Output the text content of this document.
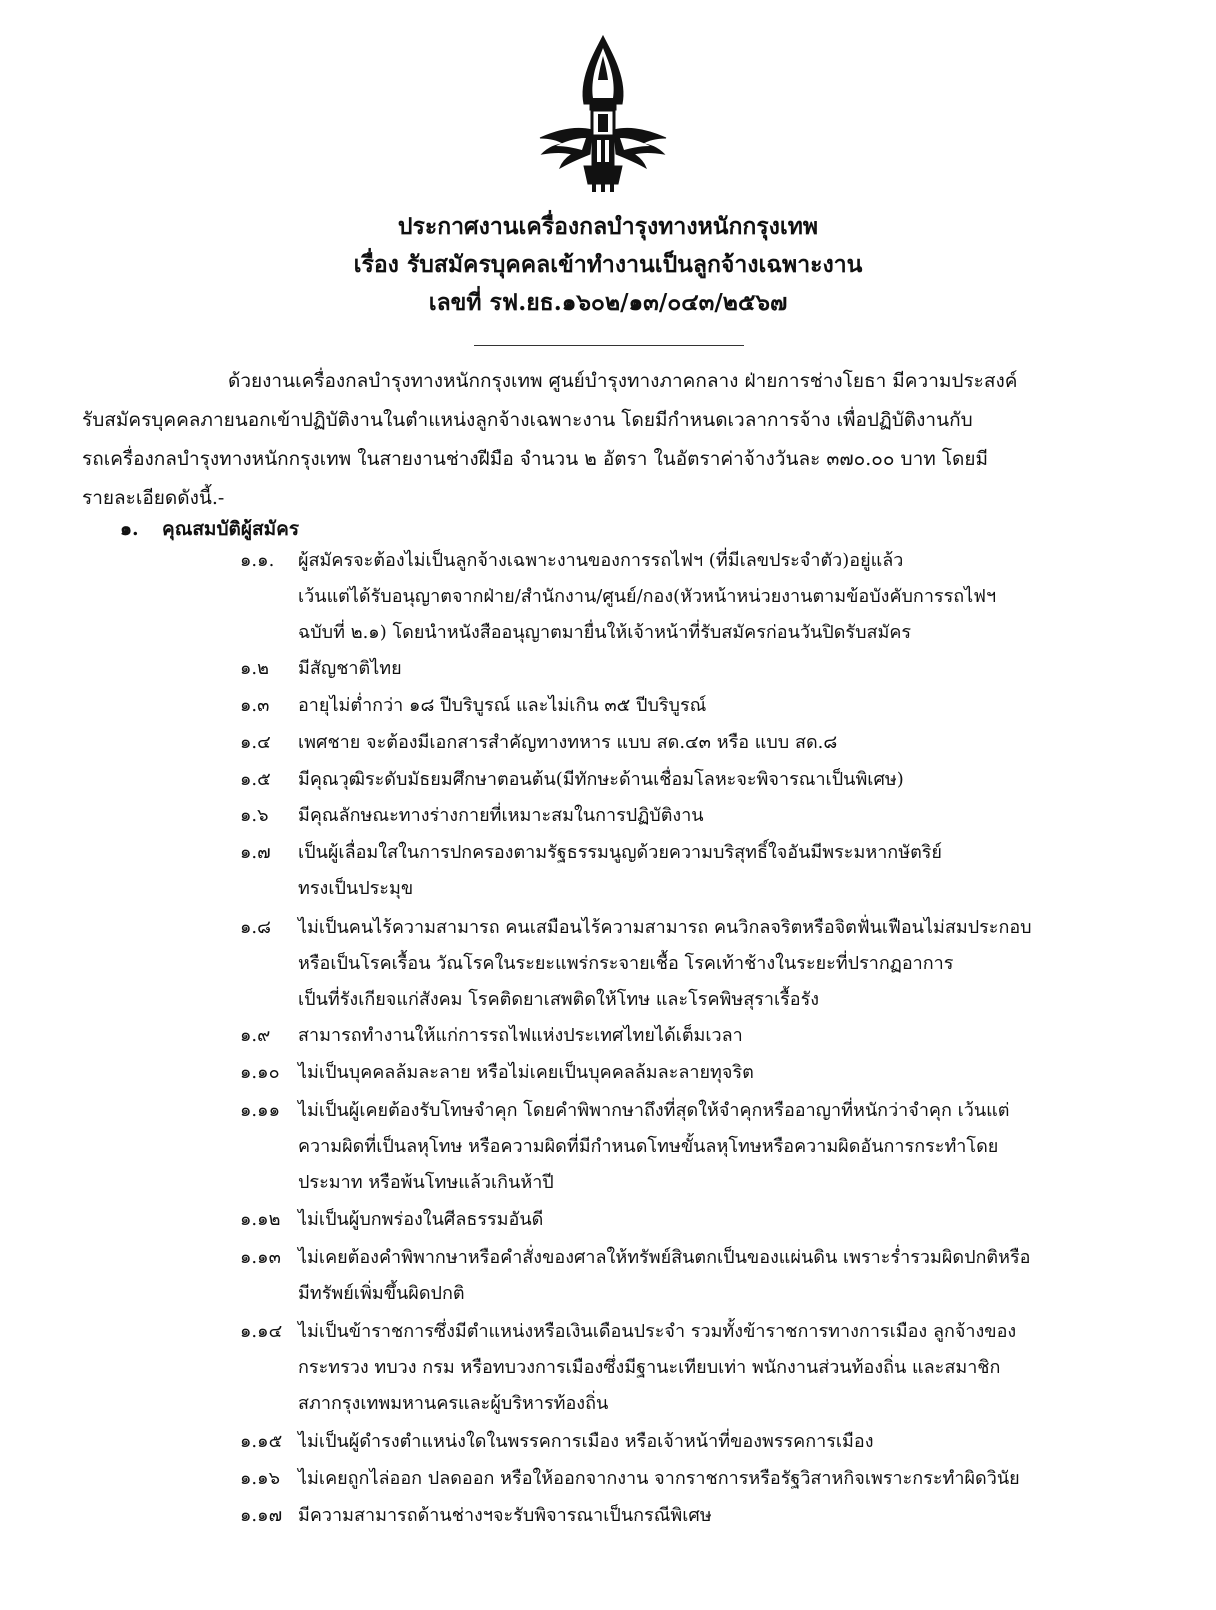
ประกาศงานเครื่องกลบำรุงทางหนักกรุงเทพ
เรื่อง รับสมัครบุคคลเข้าทำงานเป็นลูกจ้างเฉพาะงาน
เลขที่ รฟ.ยธ.๑๖๐๒/๑๓/๐๔๓/๒๕๖๗
ด้วยงานเครื่องกลบำรุงทางหนักกรุงเทพ ศูนย์บำรุงทางภาคกลาง ฝ่ายการช่างโยธา มีความประสงค์
รับสมัครบุคคลภายนอกเข้าปฏิบัติงานในตำแหน่งลูกจ้างเฉพาะงาน โดยมีกำหนดเวลาการจ้าง เพื่อปฏิบัติงานกับ
รถเครื่องกลบำรุงทางหนักกรุงเทพ ในสายงานช่างฝีมือ จำนวน ๒ อัตรา ในอัตราค่าจ้างวันละ ๓๗๐.๐๐ บาท โดยมี
รายละเอียดดังนี้.-
๑. คุณสมบัติผู้สมัคร
๑.๑.	ผู้สมัครจะต้องไม่เป็นลูกจ้างเฉพาะงานของการรถไฟฯ (ที่มีเลขประจำตัว)อยู่แล้ว
เว้นแต่ได้รับอนุญาตจากฝ่าย/สำนักงาน/ศูนย์/กอง(หัวหน้าหน่วยงานตามข้อบังคับการรถไฟฯ
ฉบับที่ ๒.๑) โดยนำหนังสืออนุญาตมายื่นให้เจ้าหน้าที่รับสมัครก่อนวันปิดรับสมัคร
๑.๒	มีสัญชาติไทย
๑.๓	อายุไม่ต่ำกว่า ๑๘ ปีบริบูรณ์ และไม่เกิน ๓๕ ปีบริบูรณ์
๑.๔	เพศชาย จะต้องมีเอกสารสำคัญทางทหาร แบบ สด.๔๓ หรือ แบบ สด.๘
๑.๕	มีคุณวุฒิระดับมัธยมศึกษาตอนต้น(มีทักษะด้านเชื่อมโลหะจะพิจารณาเป็นพิเศษ)
๑.๖	มีคุณลักษณะทางร่างกายที่เหมาะสมในการปฏิบัติงาน
๑.๗	เป็นผู้เลื่อมใสในการปกครองตามรัฐธรรมนูญด้วยความบริสุทธิ์ใจอันมีพระมหากษัตริย์
ทรงเป็นประมุข
๑.๘	ไม่เป็นคนไร้ความสามารถ คนเสมือนไร้ความสามารถ คนวิกลจริตหรือจิตฟั่นเฟือนไม่สมประกอบ
หรือเป็นโรคเรื้อน วัณโรคในระยะแพร่กระจายเชื้อ โรคเท้าช้างในระยะที่ปรากฏอาการ
เป็นที่รังเกียจแก่สังคม โรคติดยาเสพติดให้โทษ และโรคพิษสุราเรื้อรัง
๑.๙	สามารถทำงานให้แก่การรถไฟแห่งประเทศไทยได้เต็มเวลา
๑.๑๐	ไม่เป็นบุคคลล้มละลาย หรือไม่เคยเป็นบุคคลล้มละลายทุจริต
๑.๑๑	ไม่เป็นผู้เคยต้องรับโทษจำคุก โดยคำพิพากษาถึงที่สุดให้จำคุกหรืออาญาที่หนักว่าจำคุก เว้นแต่
ความผิดที่เป็นลหุโทษ หรือความผิดที่มีกำหนดโทษขั้นลหุโทษหรือความผิดอันการกระทำโดย
ประมาท หรือพ้นโทษแล้วเกินห้าปี
๑.๑๒ ไม่เป็นผู้บกพร่องในศีลธรรมอันดี
๑.๑๓ ไม่เคยต้องคำพิพากษาหรือคำสั่งของศาลให้ทรัพย์สินตกเป็นของแผ่นดิน เพราะร่ำรวมผิดปกติหรือ
มีทรัพย์เพิ่มขึ้นผิดปกติ
๑.๑๔ ไม่เป็นข้าราชการซึ่งมีตำแหน่งหรือเงินเดือนประจำ รวมทั้งข้าราชการทางการเมือง ลูกจ้างของ
กระทรวง ทบวง กรม หรือทบวงการเมืองซึ่งมีฐานะเทียบเท่า พนักงานส่วนท้องถิ่น และสมาชิก
สภากรุงเทพมหานครและผู้บริหารท้องถิ่น
๑.๑๕ ไม่เป็นผู้ดำรงตำแหน่งใดในพรรคการเมือง หรือเจ้าหน้าที่ของพรรคการเมือง
๑.๑๖	ไม่เคยถูกไล่ออก ปลดออก หรือให้ออกจากงาน จากราชการหรือรัฐวิสาหกิจเพราะกระทำผิดวินัย
๑.๑๗ มีความสามารถด้านช่างฯจะรับพิจารณาเป็นกรณีพิเศษ
